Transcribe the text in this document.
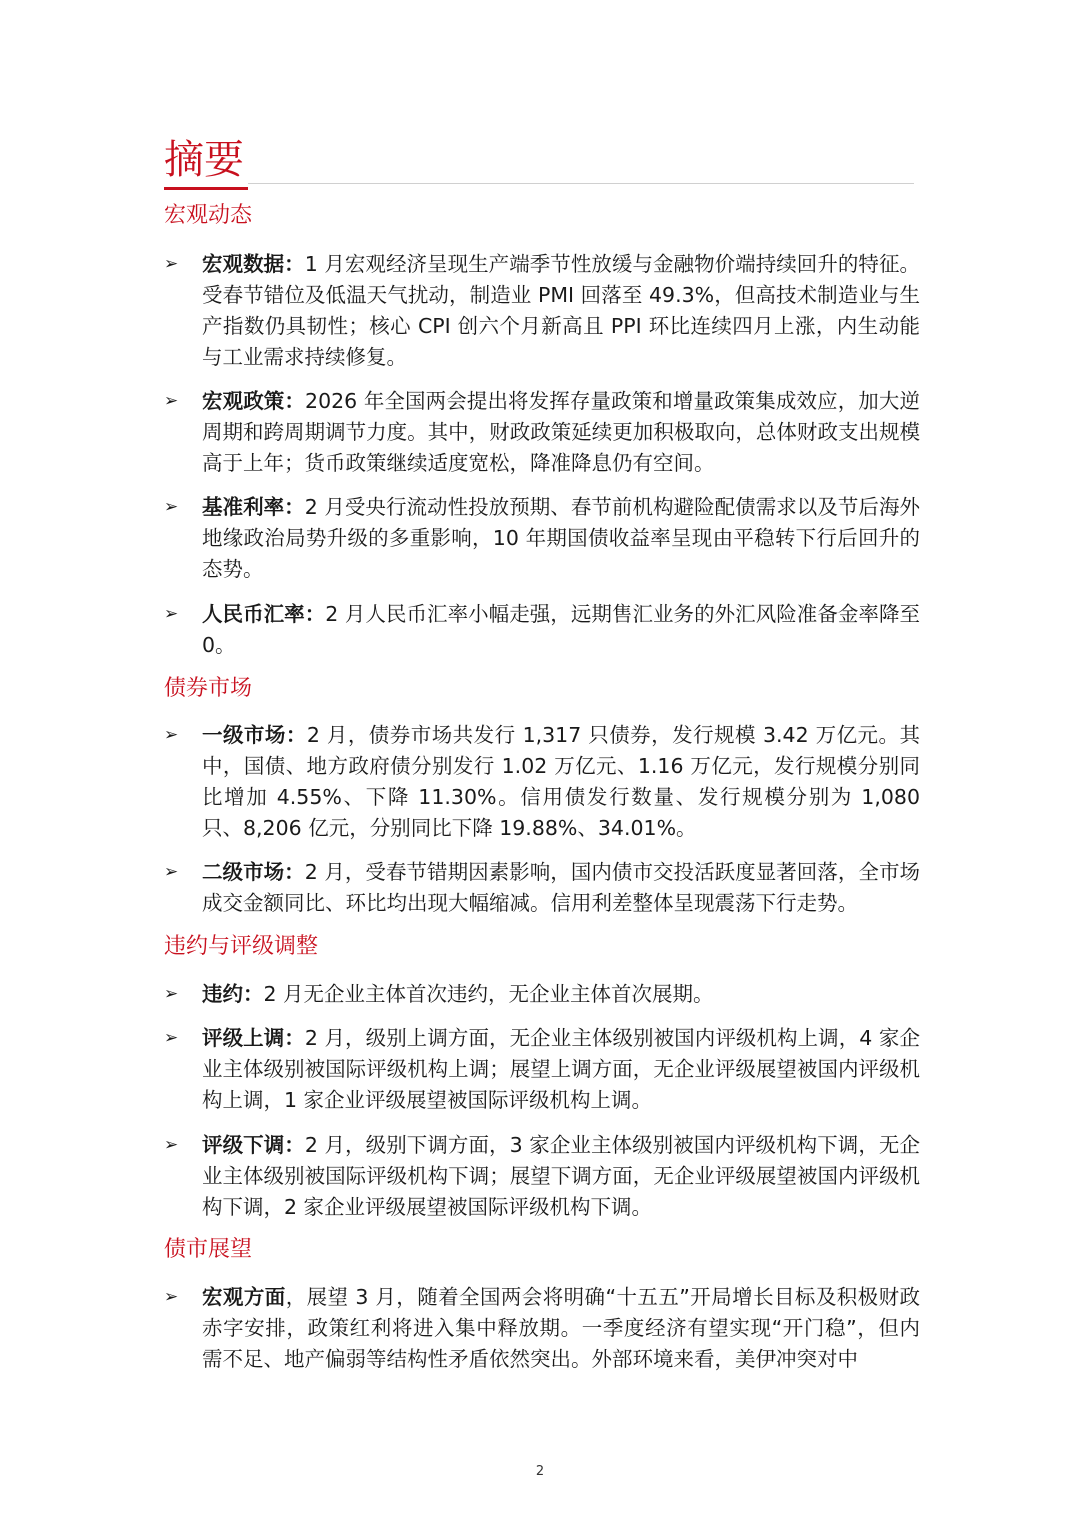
摘要
宏观动态
➢ 宏观数据：1 月宏观经济呈现生产端季节性放缓与金融物价端持续回升的特征。受春节错位及低温天气扰动，制造业 PMI 回落至 49.3%，但高技术制造业与生产指数仍具韧性；核心 CPI 创六个月新高且 PPI 环比连续四月上涨，内生动能与工业需求持续修复。
➢ 宏观政策：2026 年全国两会提出将发挥存量政策和增量政策集成效应，加大逆周期和跨周期调节力度。其中，财政政策延续更加积极取向，总体财政支出规模高于上年；货币政策继续适度宽松，降准降息仍有空间。
➢ 基准利率：2 月受央行流动性投放预期、春节前机构避险配债需求以及节后海外地缘政治局势升级的多重影响，10 年期国债收益率呈现由平稳转下行后回升的态势。
➢ 人民币汇率：2 月人民币汇率小幅走强，远期售汇业务的外汇风险准备金率降至 0。
债券市场
➢ 一级市场：2 月，债券市场共发行 1,317 只债券，发行规模 3.42 万亿元。其中，国债、地方政府债分别发行 1.02 万亿元、1.16 万亿元，发行规模分别同比增加 4.55%、下降 11.30%。信用债发行数量、发行规模分别为 1,080 只、8,206 亿元，分别同比下降 19.88%、34.01%。
➢ 二级市场：2 月，受春节错期因素影响，国内债市交投活跃度显著回落，全市场成交金额同比、环比均出现大幅缩减。信用利差整体呈现震荡下行走势。
违约与评级调整
➢ 违约：2 月无企业主体首次违约，无企业主体首次展期。
➢ 评级上调：2 月，级别上调方面，无企业主体级别被国内评级机构上调，4 家企业主体级别被国际评级机构上调；展望上调方面，无企业评级展望被国内评级机构上调，1 家企业评级展望被国际评级机构上调。
➢ 评级下调：2 月，级别下调方面，3 家企业主体级别被国内评级机构下调，无企业主体级别被国际评级机构下调；展望下调方面，无企业评级展望被国内评级机构下调，2 家企业评级展望被国际评级机构下调。
债市展望
➢ 宏观方面，展望 3 月，随着全国两会将明确“十五五”开局增长目标及积极财政赤字安排，政策红利将进入集中释放期。一季度经济有望实现“开门稳”，但内需不足、地产偏弱等结构性矛盾依然突出。外部环境来看，美伊冲突对中
2
